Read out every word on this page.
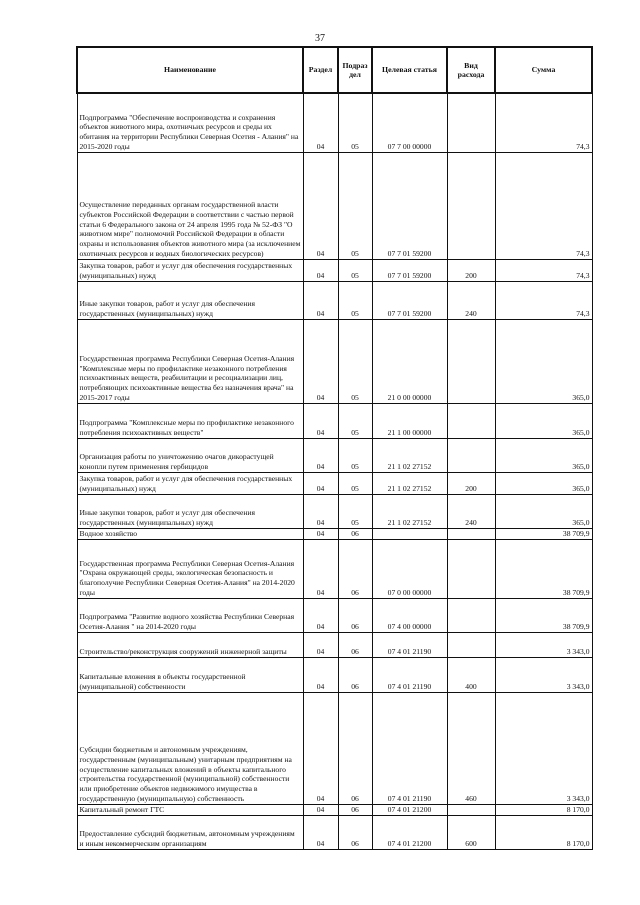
37
Наименование	Раздел	Подраз дел	Целевая статья	Вид расхода	Сумма
Подпрограмма "Обеспечение воспроизводства и сохранения объектов животного мира, охотничьих ресурсов и среды их обитания на территории Республики Северная Осетия - Алания" на 2015-2020 годы	04	05	07 7 00 00000		74,3
Осуществление переданных органам государственной власти субъектов Российской Федерации в соответствии с частью первой статьи 6 Федерального закона от 24 апреля 1995 года № 52-ФЗ "О животном мире" полномочий Российской Федерации в области охраны и использования объектов животного мира (за исключением охотничьих ресурсов и водных биологических ресурсов)	04	05	07 7 01 59200		74,3
Закупка товаров, работ и услуг для обеспечения государственных (муниципальных) нужд	04	05	07 7 01 59200	200	74,3
Иные закупки товаров, работ и услуг для обеспечения государственных (муниципальных) нужд	04	05	07 7 01 59200	240	74,3
Государственная программа Республики Северная Осетия-Алания "Комплексные меры по профилактике незаконного потребления психоактивных веществ, реабилитации и ресоциализации лиц, потребляющих психоактивные вещества без назначения врача" на 2015-2017 годы	04	05	21 0 00 00000		365,0
Подпрограмма "Комплексные меры по профилактике незаконного потребления психоактивных веществ"	04	05	21 1 00 00000		365,0
Организация работы по уничтожению очагов дикорастущей конопли путем применения гербицидов	04	05	21 1 02 27152		365,0
Закупка товаров, работ и услуг для обеспечения государственных (муниципальных) нужд	04	05	21 1 02 27152	200	365,0
Иные закупки товаров, работ и услуг для обеспечения государственных (муниципальных) нужд	04	05	21 1 02 27152	240	365,0
Водное хозяйство	04	06			38 709,9
Государственная программа Республики Северная Осетия-Алания "Охрана окружающей среды, экологическая безопасность и благополучие Республики Северная Осетия-Алания" на 2014-2020 годы	04	06	07 0 00 00000		38 709,9
Подпрограмма "Развитие водного хозяйства Республики Северная Осетия-Алания " на 2014-2020 годы	04	06	07 4 00 00000		38 709,9
Строительство/реконструкция сооружений инженерной защиты	04	06	07 4 01 21190		3 343,0
Капитальные вложения в объекты государственной (муниципальной) собственности	04	06	07 4 01 21190	400	3 343,0
Субсидии бюджетным и автономным учреждениям, государственным (муниципальным) унитарным предприятиям на осуществление капитальных вложений в объекты капитального строительства государственной (муниципальной) собственности или приобретение объектов недвижимого имущества в государственную (муниципальную) собственность	04	06	07 4 01 21190	460	3 343,0
Капитальный ремонт ГТС	04	06	07 4 01 21200		8 170,0
Предоставление субсидий бюджетным, автономным учреждениям и иным некоммерческим организациям	04	06	07 4 01 21200	600	8 170,0
